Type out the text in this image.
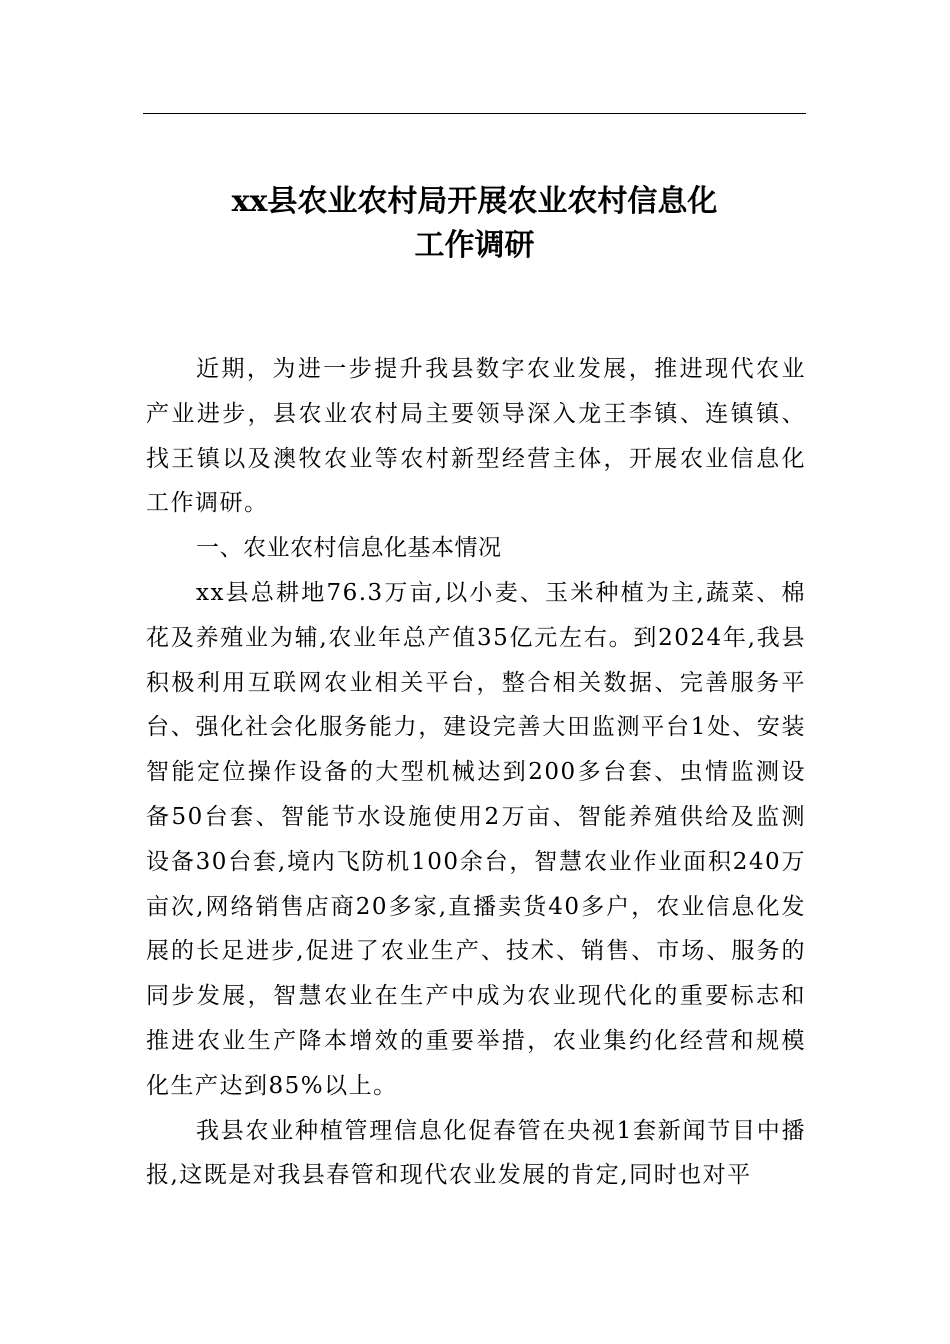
xx县农业农村局开展农业农村信息化
工作调研

近期，为进一步提升我县数字农业发展，推进现代农业产业进步，县农业农村局主要领导深入龙王李镇、连镇镇、找王镇以及澳牧农业等农村新型经营主体，开展农业信息化工作调研。

一、农业农村信息化基本情况

xx县总耕地76.3万亩,以小麦、玉米种植为主,蔬菜、棉花及养殖业为辅,农业年总产值35亿元左右。到2024年,我县积极利用互联网农业相关平台，整合相关数据、完善服务平台、强化社会化服务能力，建设完善大田监测平台1处、安装智能定位操作设备的大型机械达到200多台套、虫情监测设备50台套、智能节水设施使用2万亩、智能养殖供给及监测设备30台套,境内飞防机100余台，智慧农业作业面积240万亩次,网络销售店商20多家,直播卖货40多户，农业信息化发展的长足进步,促进了农业生产、技术、销售、市场、服务的同步发展，智慧农业在生产中成为农业现代化的重要标志和推进农业生产降本增效的重要举措，农业集约化经营和规模化生产达到85%以上。

我县农业种植管理信息化促春管在央视1套新闻节目中播报,这既是对我县春管和现代农业发展的肯定,同时也对平
